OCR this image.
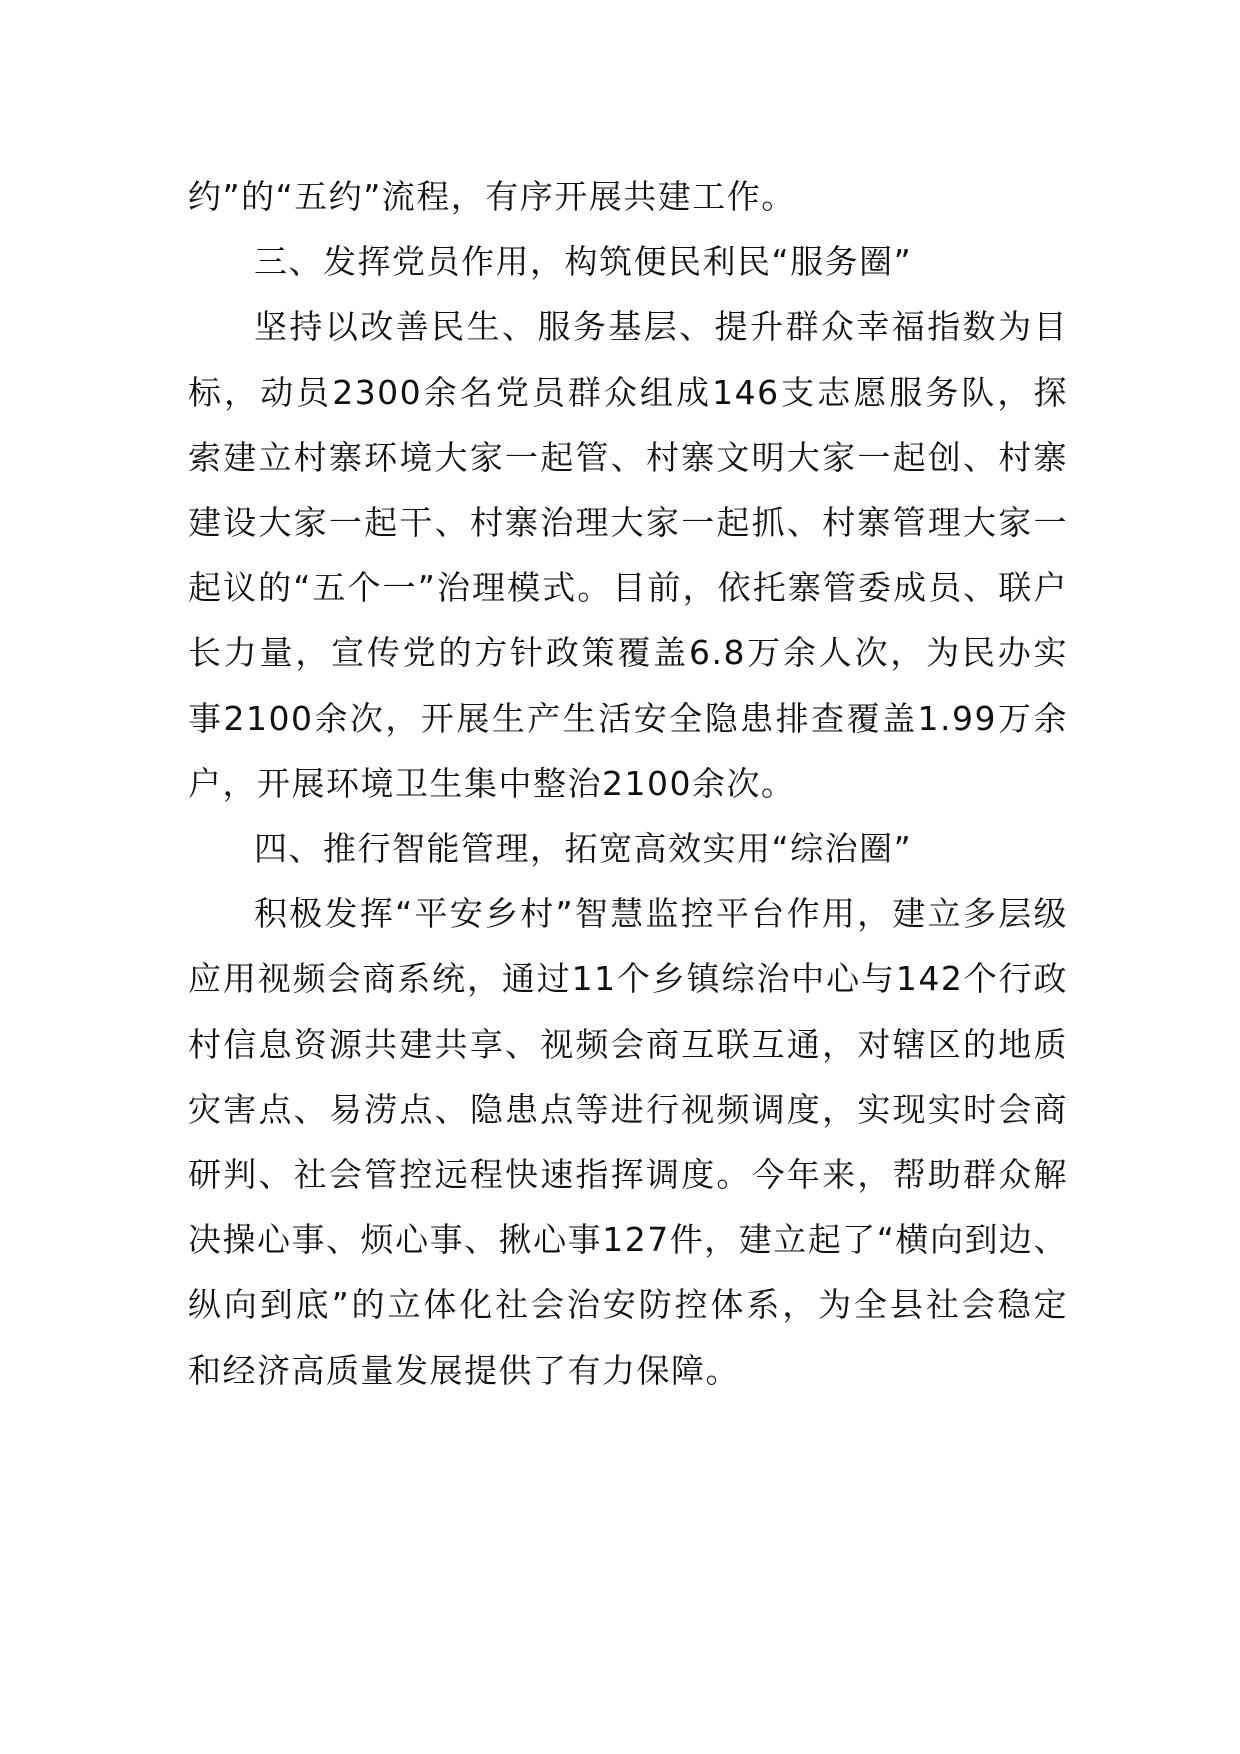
约”的“五约”流程，有序开展共建工作。

三、发挥党员作用，构筑便民利民“服务圈”

坚持以改善民生、服务基层、提升群众幸福指数为目标，动员2300余名党员群众组成146支志愿服务队，探索建立村寨环境大家一起管、村寨文明大家一起创、村寨建设大家一起干、村寨治理大家一起抓、村寨管理大家一起议的“五个一”治理模式。目前，依托寨管委成员、联户长力量，宣传党的方针政策覆盖6.8万余人次，为民办实事2100余次，开展生产生活安全隐患排查覆盖1.99万余户，开展环境卫生集中整治2100余次。

四、推行智能管理，拓宽高效实用“综治圈”

积极发挥“平安乡村”智慧监控平台作用，建立多层级应用视频会商系统，通过11个乡镇综治中心与142个行政村信息资源共建共享、视频会商互联互通，对辖区的地质灾害点、易涝点、隐患点等进行视频调度，实现实时会商研判、社会管控远程快速指挥调度。今年来，帮助群众解决操心事、烦心事、揪心事127件，建立起了“横向到边、纵向到底”的立体化社会治安防控体系，为全县社会稳定和经济高质量发展提供了有力保障。
